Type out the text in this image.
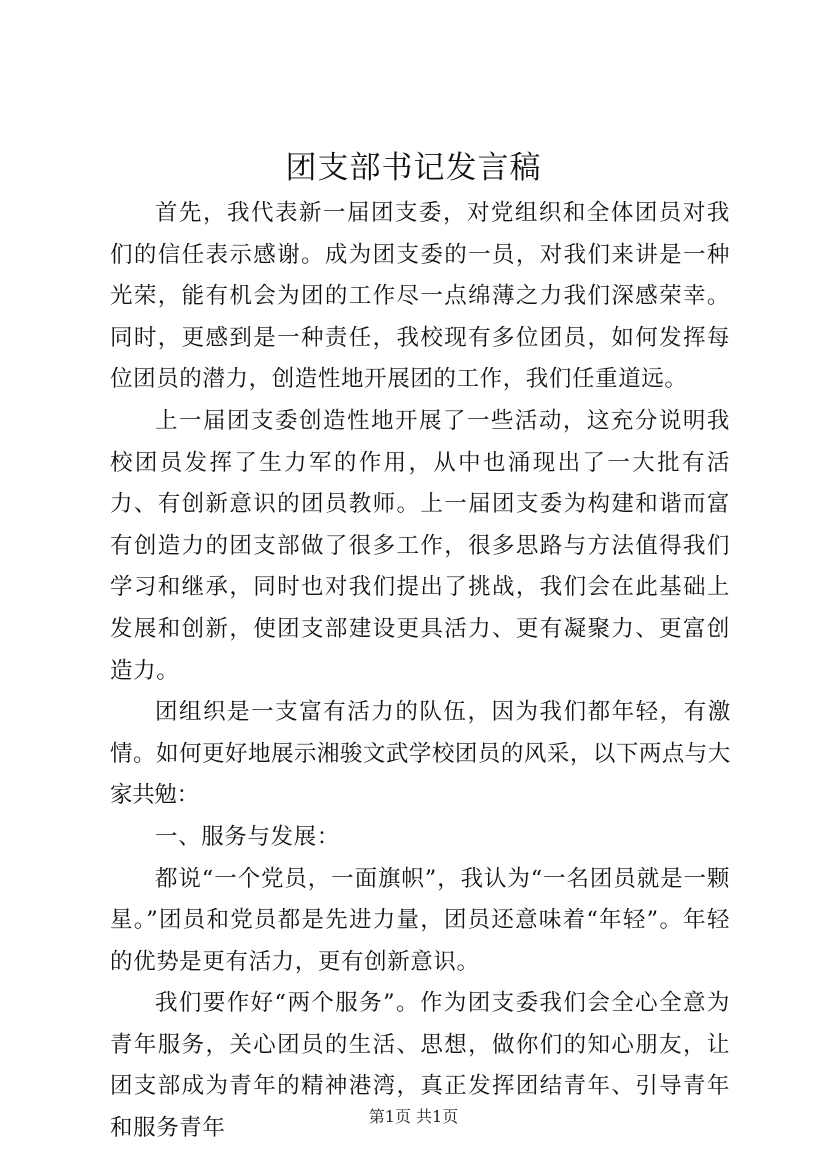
团支部书记发言稿

首先，我代表新一届团支委，对党组织和全体团员对我们的信任表示感谢。成为团支委的一员，对我们来讲是一种光荣，能有机会为团的工作尽一点绵薄之力我们深感荣幸。同时，更感到是一种责任，我校现有多位团员，如何发挥每位团员的潜力，创造性地开展团的工作，我们任重道远。

上一届团支委创造性地开展了一些活动，这充分说明我校团员发挥了生力军的作用，从中也涌现出了一大批有活力、有创新意识的团员教师。上一届团支委为构建和谐而富有创造力的团支部做了很多工作，很多思路与方法值得我们学习和继承，同时也对我们提出了挑战，我们会在此基础上发展和创新，使团支部建设更具活力、更有凝聚力、更富创造力。

团组织是一支富有活力的队伍，因为我们都年轻，有激情。如何更好地展示湘骏文武学校团员的风采，以下两点与大家共勉：

一、服务与发展：

都说“一个党员，一面旗帜”，我认为“一名团员就是一颗星。”团员和党员都是先进力量，团员还意味着“年轻”。年轻的优势是更有活力，更有创新意识。

我们要作好“两个服务”。作为团支委我们会全心全意为青年服务，关心团员的生活、思想，做你们的知心朋友，让团支部成为青年的精神港湾，真正发挥团结青年、引导青年和服务青年	第1页 共1页
